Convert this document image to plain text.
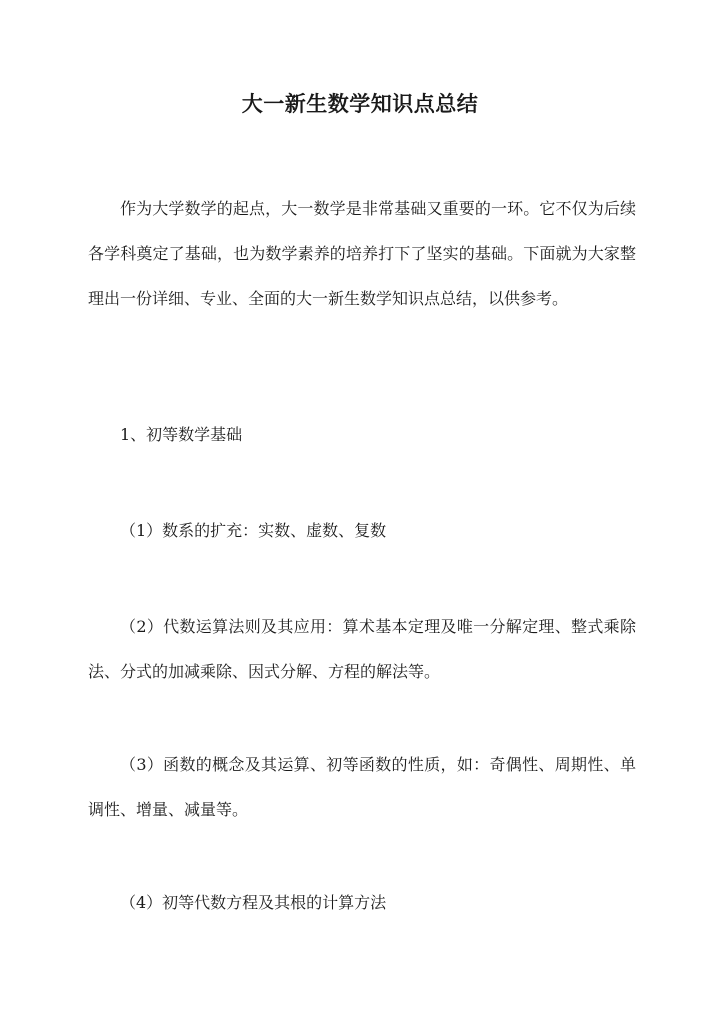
大一新生数学知识点总结

作为大学数学的起点，大一数学是非常基础又重要的一环。它不仅为后续各学科奠定了基础，也为数学素养的培养打下了坚实的基础。下面就为大家整理出一份详细、专业、全面的大一新生数学知识点总结，以供参考。

1、初等数学基础

（1）数系的扩充：实数、虚数、复数

（2）代数运算法则及其应用：算术基本定理及唯一分解定理、整式乘除法、分式的加减乘除、因式分解、方程的解法等。

（3）函数的概念及其运算、初等函数的性质，如：奇偶性、周期性、单调性、增量、减量等。

（4）初等代数方程及其根的计算方法
